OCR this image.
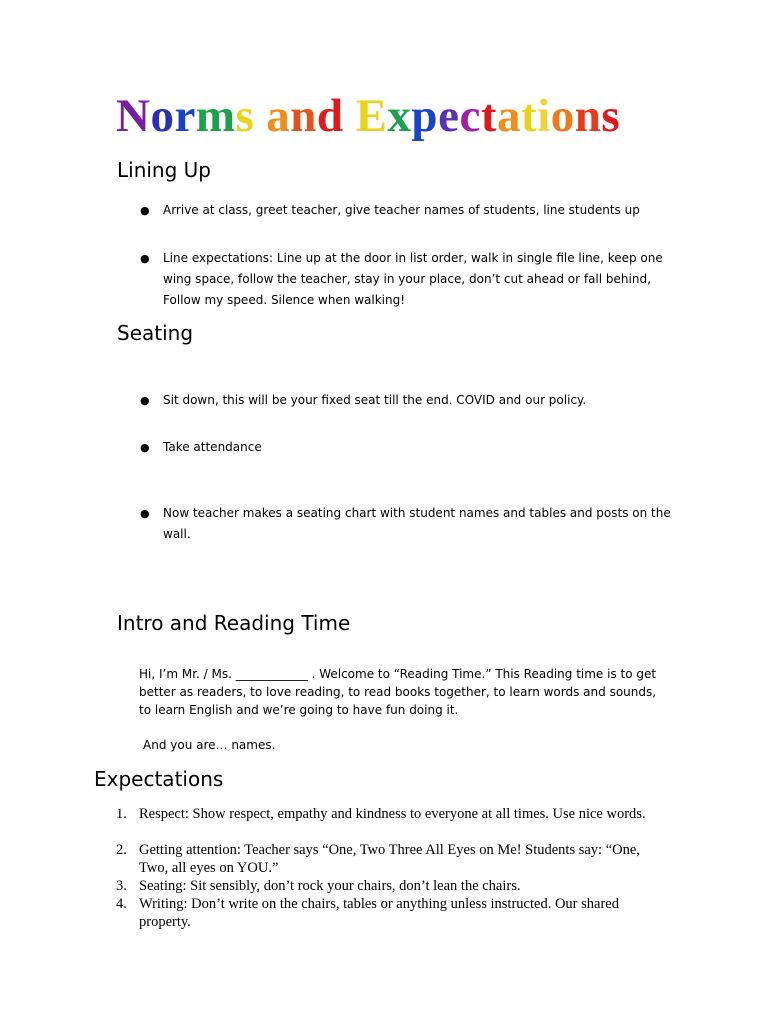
Norms and Expectations
Lining Up
● Arrive at class, greet teacher, give teacher names of students, line students up
● Line expectations: Line up at the door in list order, walk in single file line, keep one wing space, follow the teacher, stay in your place, don’t cut ahead or fall behind, Follow my speed. Silence when walking!
Seating
● Sit down, this will be your fixed seat till the end. COVID and our policy.
● Take attendance
● Now teacher makes a seating chart with student names and tables and posts on the wall.
Intro and Reading Time

Hi, I’m Mr. / Ms. ____________ . Welcome to “Reading Time.” This Reading time is to get better as readers, to love reading, to read books together, to learn words and sounds, to learn English and we’re going to have fun doing it.

And you are… names.

Expectations
1. Respect: Show respect, empathy and kindness to everyone at all times. Use nice words.
2. Getting attention: Teacher says “One, Two Three All Eyes on Me! Students say: “One, Two, all eyes on YOU.”
3. Seating: Sit sensibly, don’t rock your chairs, don’t lean the chairs.
4. Writing: Don’t write on the chairs, tables or anything unless instructed. Our shared property.
